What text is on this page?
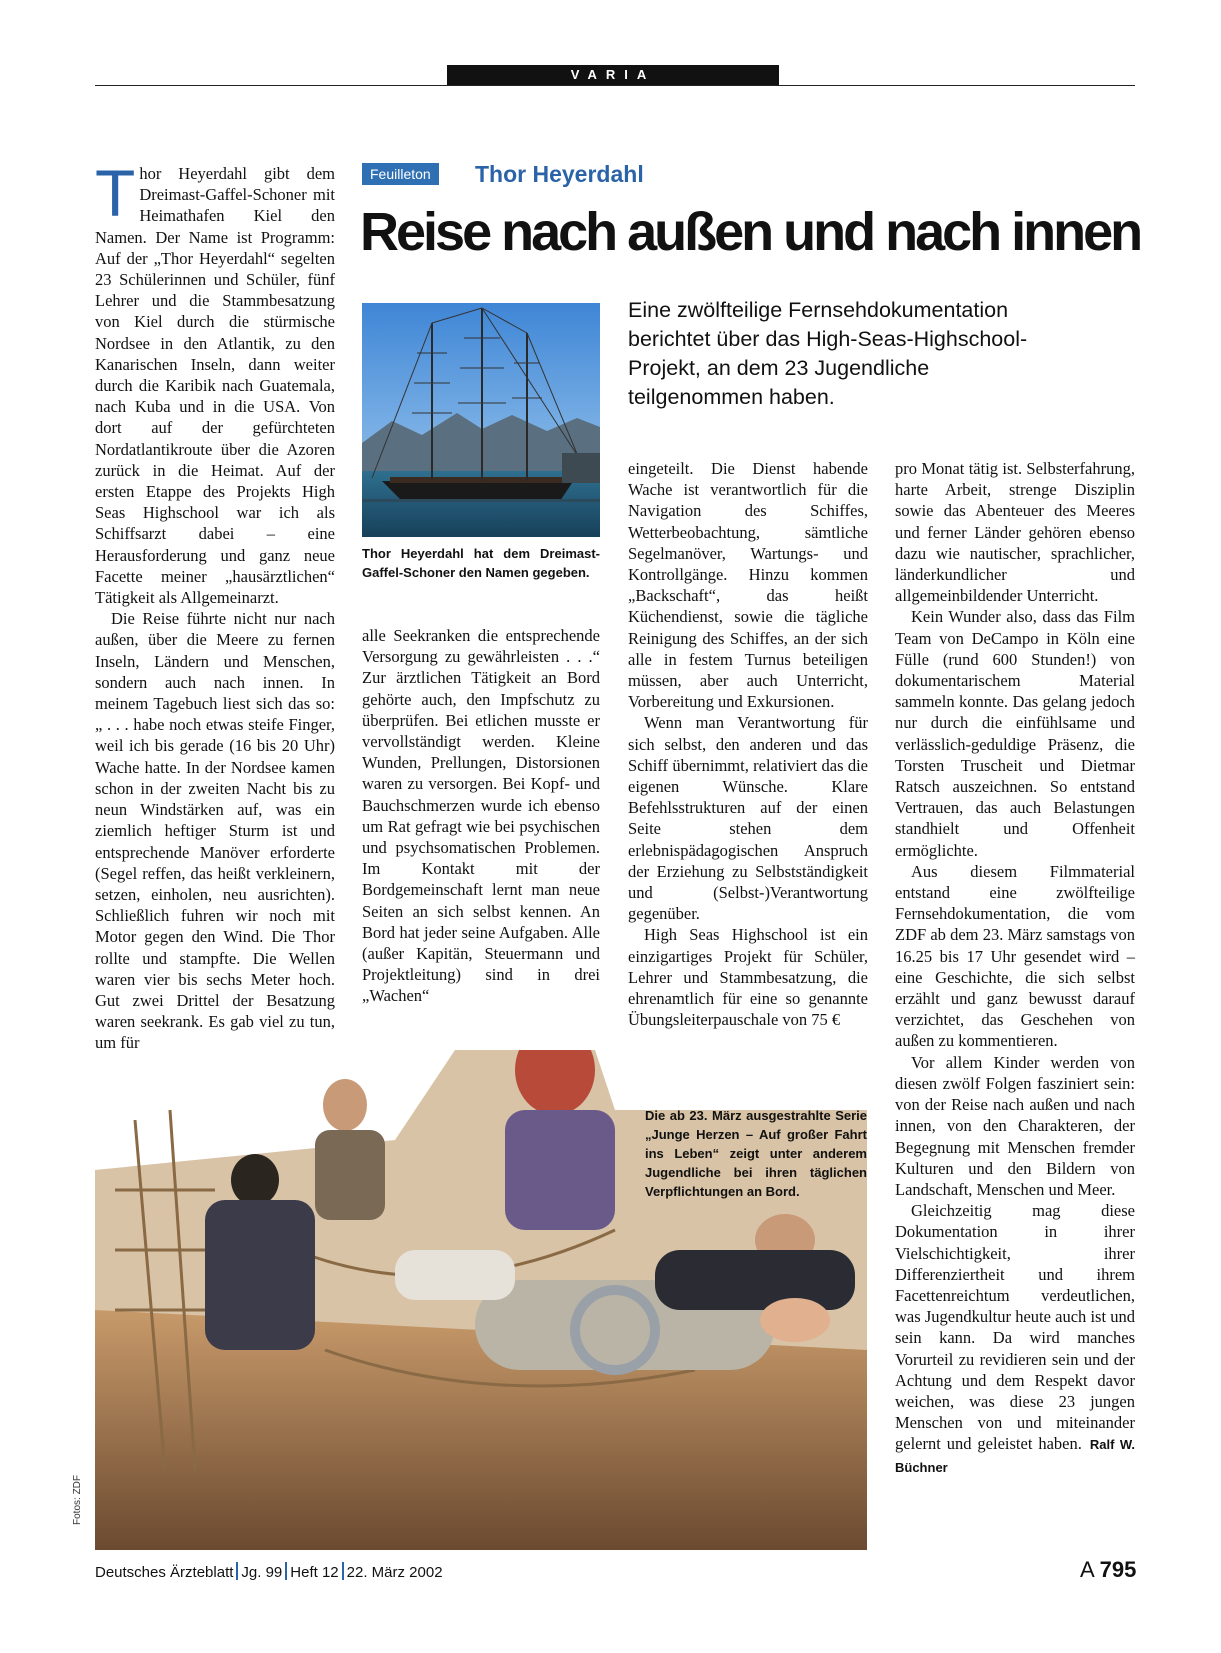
VARIA
Feuilleton	Thor Heyerdahl
Reise nach außen und nach innen
Eine zwölfteilige Fernsehdokumentation berichtet über das High-Seas-Highschool-Projekt, an dem 23 Jugendliche teilgenommen haben.

Thor Heyerdahl gibt dem Dreimast-Gaffel-Schoner mit Heimathafen Kiel den Namen. Der Name ist Programm: Auf der „Thor Heyerdahl“ segelten 23 Schülerinnen und Schüler, fünf Lehrer und die Stammbesatzung von Kiel durch die stürmische Nordsee in den Atlantik, zu den Kanarischen Inseln, dann weiter durch die Karibik nach Guatemala, nach Kuba und in die USA. Von dort auf der gefürchteten Nordatlantikroute über die Azoren zurück in die Heimat. Auf der ersten Etappe des Projekts High Seas Highschool war ich als Schiffsarzt dabei – eine Herausforderung und ganz neue Facette meiner „hausärztlichen“ Tätigkeit als Allgemeinarzt.

Die Reise führte nicht nur nach außen, über die Meere zu fernen Inseln, Ländern und Menschen, sondern auch nach innen. In meinem Tagebuch liest sich das so: „ . . . habe noch etwas steife Finger, weil ich bis gerade (16 bis 20 Uhr) Wache hatte. In der Nordsee kamen schon in der zweiten Nacht bis zu neun Windstärken auf, was ein ziemlich heftiger Sturm ist und entsprechende Manöver erforderte (Segel reffen, das heißt verkleinern, setzen, einholen, neu ausrichten). Schließlich fuhren wir noch mit Motor gegen den Wind. Die Thor rollte und stampfte. Die Wellen waren vier bis sechs Meter hoch. Gut zwei Drittel der Besatzung waren seekrank. Es gab viel zu tun, um für

Thor Heyerdahl hat dem Dreimast-Gaffel-Schoner den Namen gegeben.

alle Seekranken die entsprechende Versorgung zu gewährleisten . . .“ Zur ärztlichen Tätigkeit an Bord gehörte auch, den Impfschutz zu überprüfen. Bei etlichen musste er vervollständigt werden. Kleine Wunden, Prellungen, Distorsionen waren zu versorgen. Bei Kopf- und Bauchschmerzen wurde ich ebenso um Rat gefragt wie bei psychischen und psychsomatischen Problemen. Im Kontakt mit der Bordgemeinschaft lernt man neue Seiten an sich selbst kennen. An Bord hat jeder seine Aufgaben. Alle (außer Kapitän, Steuermann und Projektleitung) sind in drei „Wachen“

eingeteilt. Die Dienst habende Wache ist verantwortlich für die Navigation des Schiffes, Wetterbeobachtung, sämtliche Segelmanöver, Wartungs- und Kontrollgänge. Hinzu kommen „Backschaft“, das heißt Küchendienst, sowie die tägliche Reinigung des Schiffes, an der sich alle in festem Turnus beteiligen müssen, aber auch Unterricht, Vorbereitung und Exkursionen.

Wenn man Verantwortung für sich selbst, den anderen und das Schiff übernimmt, relativiert das die eigenen Wünsche. Klare Befehlsstrukturen auf der einen Seite stehen dem erlebnispädagogischen Anspruch der Erziehung zu Selbstständigkeit und (Selbst-)Verantwortung gegenüber.

High Seas Highschool ist ein einzigartiges Projekt für Schüler, Lehrer und Stammbesatzung, die ehrenamtlich für eine so genannte Übungsleiterpauschale von 75 €

Die ab 23. März ausgestrahlte Serie „Junge Herzen – Auf großer Fahrt ins Leben“ zeigt unter anderem Jugendliche bei ihren täglichen Verpflichtungen an Bord.
Fotos: ZDF

pro Monat tätig ist. Selbsterfahrung, harte Arbeit, strenge Disziplin sowie das Abenteuer des Meeres und ferner Länder gehören ebenso dazu wie nautischer, sprachlicher, länderkundlicher und allgemeinbildender Unterricht.

Kein Wunder also, dass das Film Team von DeCampo in Köln eine Fülle (rund 600 Stunden!) von dokumentarischem Material sammeln konnte. Das gelang jedoch nur durch die einfühlsame und verlässlich-geduldige Präsenz, die Torsten Truscheit und Dietmar Ratsch auszeichnen. So entstand Vertrauen, das auch Belastungen standhielt und Offenheit ermöglichte.

Aus diesem Filmmaterial entstand eine zwölfteilige Fernsehdokumentation, die vom ZDF ab dem 23. März samstags von 16.25 bis 17 Uhr gesendet wird – eine Geschichte, die sich selbst erzählt und ganz bewusst darauf verzichtet, das Geschehen von außen zu kommentieren.

Vor allem Kinder werden von diesen zwölf Folgen fasziniert sein: von der Reise nach außen und nach innen, von den Charakteren, der Begegnung mit Menschen fremder Kulturen und den Bildern von Landschaft, Menschen und Meer.

Gleichzeitig mag diese Dokumentation in ihrer Vielschichtigkeit, ihrer Differenziertheit und ihrem Facettenreichtum verdeutlichen, was Jugendkultur heute auch ist und sein kann. Da wird manches Vorurteil zu revidieren sein und der Achtung und dem Respekt davor weichen, was diese 23 jungen Menschen von und miteinander gelernt und geleistet haben. Ralf W. Büchner

Deutsches Ärzteblatt Jg. 99 Heft 12 22. März 2002	A 795
